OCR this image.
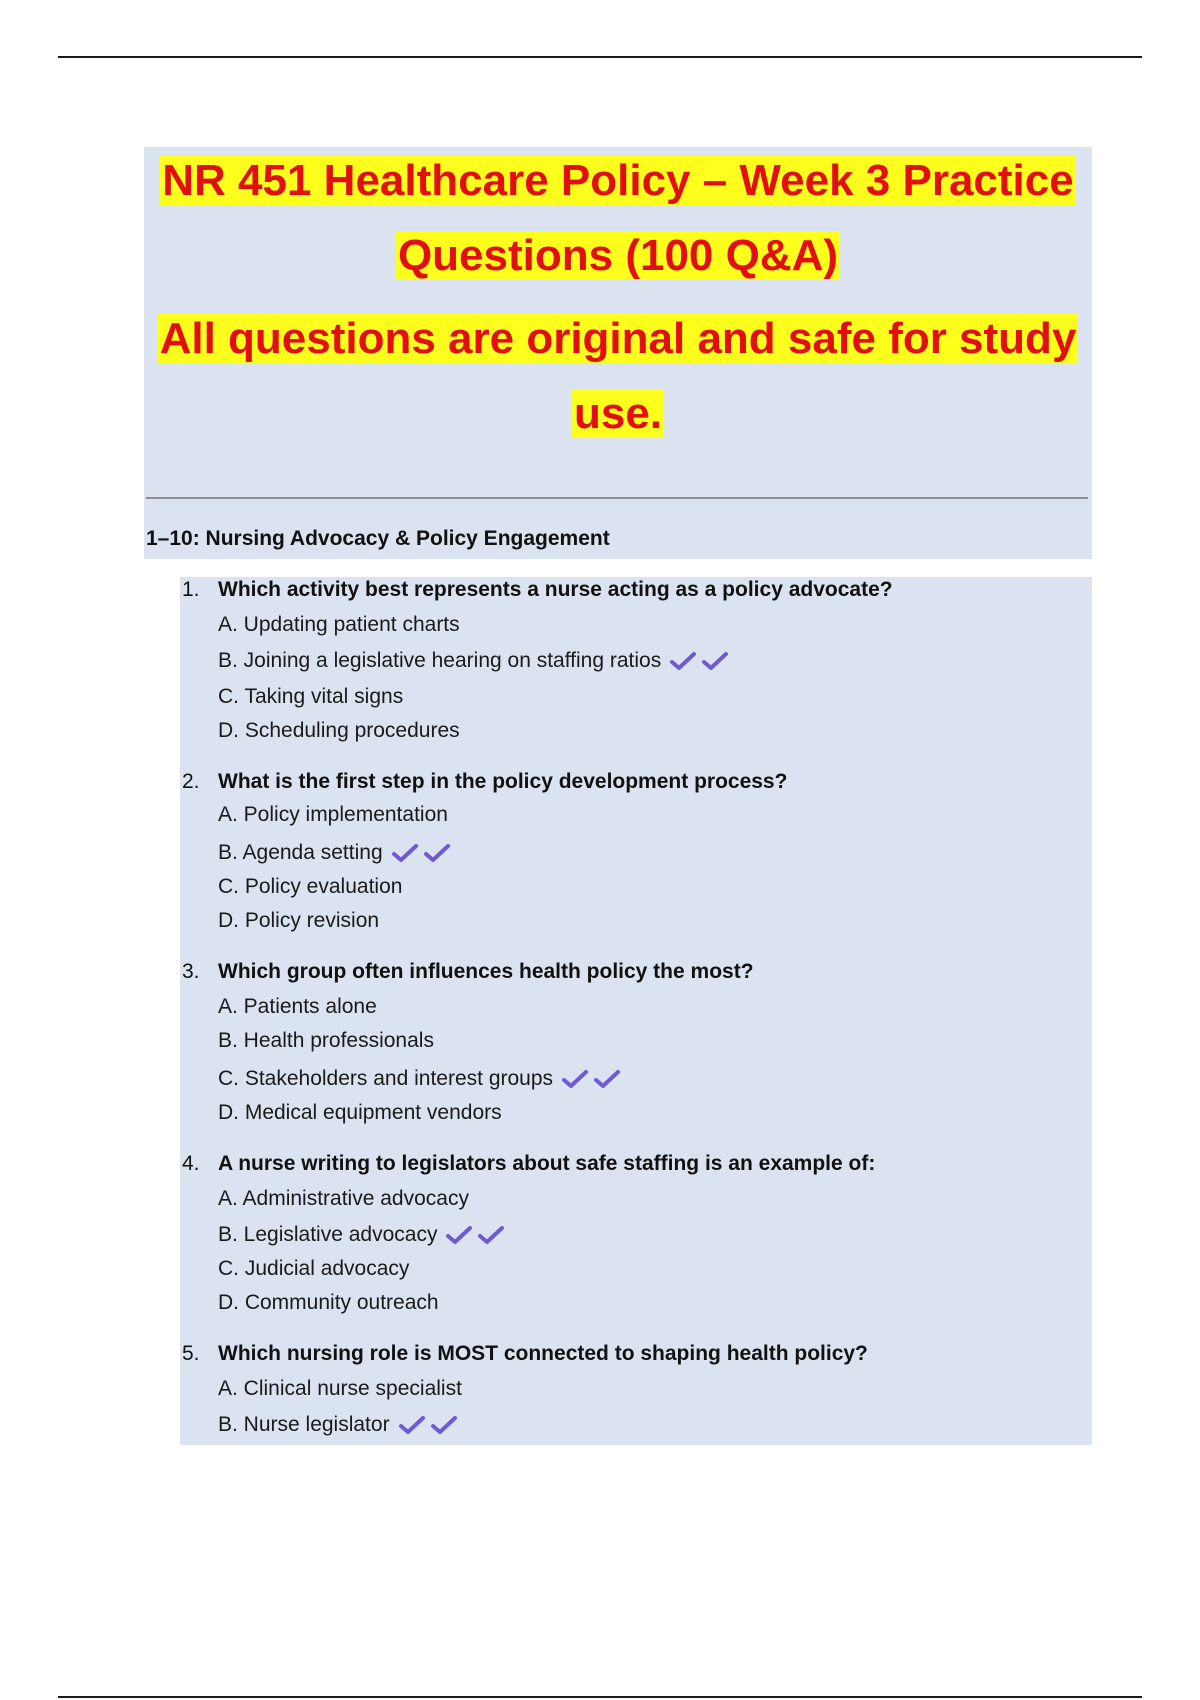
NR 451 Healthcare Policy – Week 3 Practice
Questions (100 Q&A)
All questions are original and safe for study
use.
1–10: Nursing Advocacy & Policy Engagement
1. Which activity best represents a nurse acting as a policy advocate?
A. Updating patient charts
B. Joining a legislative hearing on staffing ratios
C. Taking vital signs
D. Scheduling procedures
2. What is the first step in the policy development process?
A. Policy implementation
B. Agenda setting
C. Policy evaluation
D. Policy revision
3. Which group often influences health policy the most?
A. Patients alone
B. Health professionals
C. Stakeholders and interest groups
D. Medical equipment vendors
4. A nurse writing to legislators about safe staffing is an example of:
A. Administrative advocacy
B. Legislative advocacy
C. Judicial advocacy
D. Community outreach
5. Which nursing role is MOST connected to shaping health policy?
A. Clinical nurse specialist
B. Nurse legislator
